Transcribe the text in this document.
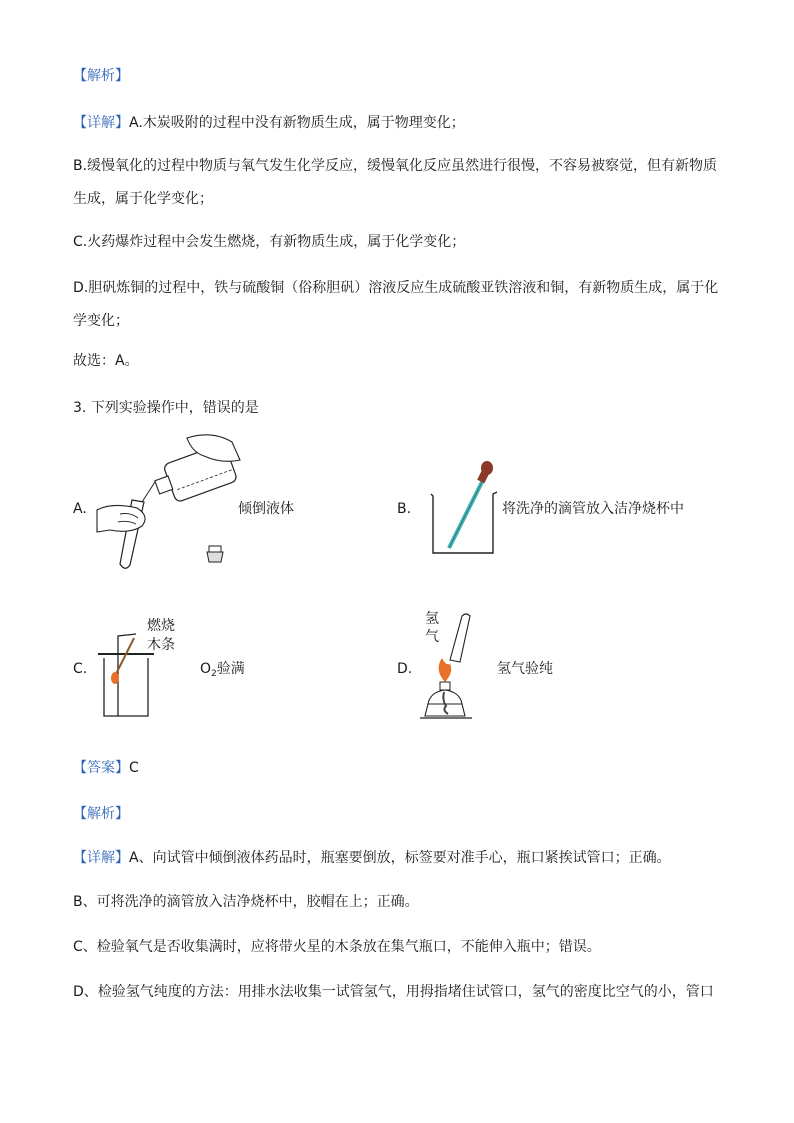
【解析】
【详解】A.木炭吸附的过程中没有新物质生成，属于物理变化；
B.缓慢氧化的过程中物质与氧气发生化学反应，缓慢氧化反应虽然进行很慢，不容易被察觉，但有新物质
生成，属于化学变化；
C.火药爆炸过程中会发生燃烧，有新物质生成，属于化学变化；
D.胆矾炼铜的过程中，铁与硫酸铜（俗称胆矾）溶液反应生成硫酸亚铁溶液和铜，有新物质生成，属于化
学变化；
故选：A。
3. 下列实验操作中，错误的是
A.	倾倒液体	B.	将洗净的滴管放入洁净烧杯中
C.
燃烧
木条
$O_2$验满	D.
氢
气
氢气验纯
【答案】C
【解析】
【详解】A、向试管中倾倒液体药品时，瓶塞要倒放，标签要对准手心，瓶口紧挨试管口；正确。
B、可将洗净的滴管放入洁净烧杯中，胶帽在上；正确。
C、检验氧气是否收集满时，应将带火星的木条放在集气瓶口，不能伸入瓶中；错误。
D、检验氢气纯度的方法：用排水法收集一试管氢气，用拇指堵住试管口，氢气的密度比空气的小，管口
